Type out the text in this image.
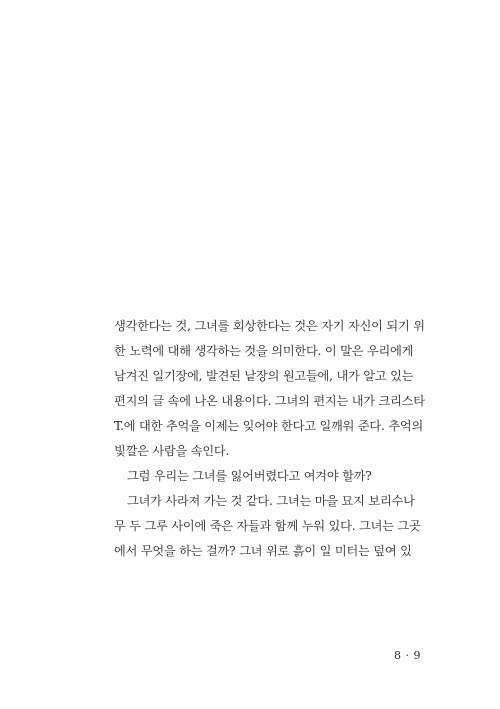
생각한다는 것, 그녀를 회상한다는 것은 자기 자신이 되기 위
한 노력에 대해 생각하는 것을 의미한다. 이 말은 우리에게
남겨진 일기장에, 발견된 낱장의 원고들에, 내가 알고 있는
편지의 글 속에 나온 내용이다. 그녀의 편지는 내가 크리스타
T.에 대한 추억을 이제는 잊어야 한다고 일깨워 준다. 추억의
빛깔은 사람을 속인다.
그럼 우리는 그녀를 잃어버렸다고 여겨야 할까?
그녀가 사라져 가는 것 같다. 그녀는 마을 묘지 보리수나
무 두 그루 사이에 죽은 자들과 함께 누워 있다. 그녀는 그곳
에서 무엇을 하는 걸까? 그녀 위로 흙이 일 미터는 덮여 있
8 · 9
